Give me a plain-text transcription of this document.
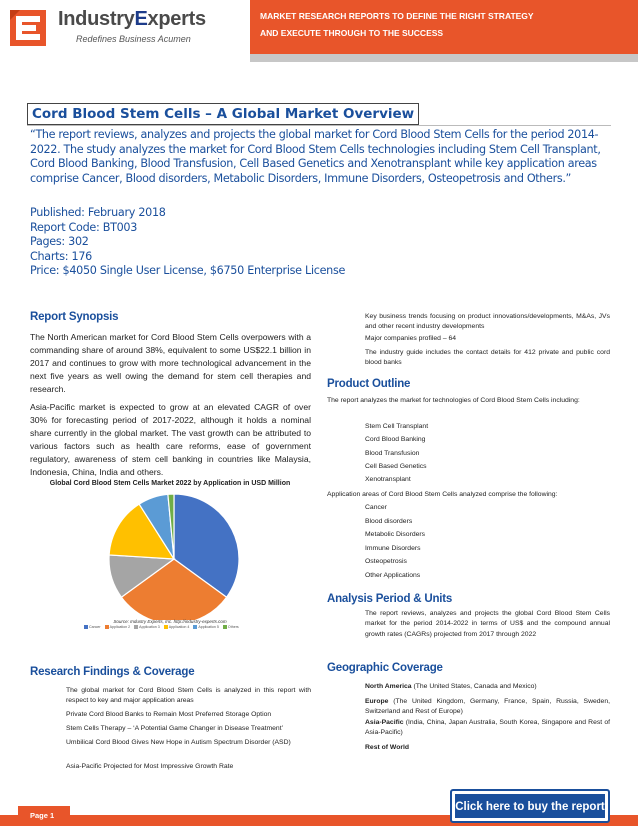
MARKET RESEARCH REPORTS TO DEFINE THE RIGHT STRATEGY
AND EXECUTE THROUGH TO THE SUCCESS
IndustryExperts
Redefines Business Acumen
Cord Blood Stem Cells – A Global Market Overview
“The report reviews, analyzes and projects the global market for Cord Blood Stem Cells for the period 2014-2022. The study analyzes the market for Cord Blood Stem Cells technologies including Stem Cell Transplant, Cord Blood Banking, Blood Transfusion, Cell Based Genetics and Xenotransplant while key application areas comprise Cancer, Blood disorders, Metabolic Disorders, Immune Disorders, Osteopetrosis and Others.”
Published: February 2018
Report Code: BT003
Pages: 302
Charts: 176
Price: $4050 Single User License, $6750 Enterprise License
Report Synopsis
The North American market for Cord Blood Stem Cells overpowers with a commanding share of around 38%, equivalent to some US$22.1 billion in 2017 and continues to grow with more technological advancement in the next five years as well owing the demand for stem cell therapies and research.
Asia-Pacific market is expected to grow at an elevated CAGR of over 30% for forecasting period of 2017-2022, although it holds a nominal share currently in the global market. The vast growth can be attributed to various factors such as health care reforms, ease of government regulatory, awareness of stem cell banking in countries like Malaysia, Indonesia, China, India and others.
Global Cord Blood Stem Cells Market 2022 by Application in USD Million
Source: Industry Experts, Inc. http://industry-experts.com
Cancer	Application 2	Application 3	Application 4	Application 5	Others
Research Findings & Coverage
The global market for Cord Blood Stem Cells is analyzed in this report with respect to key and major application areas
Private Cord Blood Banks to Remain Most Preferred Storage Option
Stem Cells Therapy – ‘A Potential Game Changer in Disease Treatment’
Umbilical Cord Blood Gives New Hope in Autism Spectrum Disorder (ASD)
Asia-Pacific Projected for Most Impressive Growth Rate
Key business trends focusing on product innovations/developments, M&As, JVs and other recent industry developments
Major companies profiled – 64
The industry guide includes the contact details for 412 private and public cord blood banks
Product Outline
The report analyzes the market for technologies of Cord Blood Stem Cells including:
Stem Cell Transplant
Cord Blood Banking
Blood Transfusion
Cell Based Genetics
Xenotransplant
Application areas of Cord Blood Stem Cells analyzed comprise the following:
Cancer
Blood disorders
Metabolic Disorders
Immune Disorders
Osteopetrosis
Other Applications
Analysis Period & Units
The report reviews, analyzes and projects the global Cord Blood Stem Cells market for the period 2014-2022 in terms of US$ and the compound annual growth rates (CAGRs) projected from 2017 through 2022
Geographic Coverage
North America (The United States, Canada and Mexico)
Europe (The United Kingdom, Germany, France, Spain, Russia, Sweden, Switzerland and Rest of Europe)
Asia-Pacific (India, China, Japan Australia, South Korea, Singapore and Rest of Asia-Pacific)
Rest of World
Page 1
Click here to buy the report
